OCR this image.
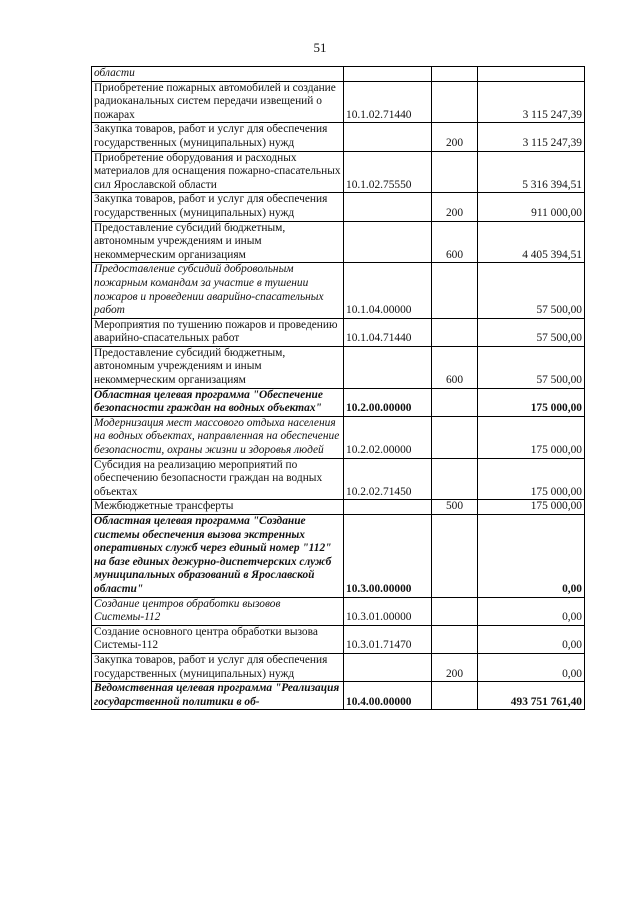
51
области			
Приобретение пожарных автомобилей и создание радиоканальных систем передачи извещений о пожарах	10.1.02.71440		3 115 247,39
Закупка товаров, работ и услуг для обеспечения государственных (муниципальных) нужд		200	3 115 247,39
Приобретение оборудования и расходных материалов для оснащения пожарно-спасательных сил Ярославской области	10.1.02.75550		5 316 394,51
Закупка товаров, работ и услуг для обеспечения государственных (муниципальных) нужд		200	911 000,00
Предоставление субсидий бюджетным, автономным учреждениям и иным некоммерческим организациям		600	4 405 394,51
Предоставление субсидий добровольным пожарным командам за участие в тушении пожаров и проведении аварийно-спасательных работ	10.1.04.00000		57 500,00
Мероприятия по тушению пожаров и проведению аварийно-спасательных работ	10.1.04.71440		57 500,00
Предоставление субсидий бюджетным, автономным учреждениям и иным некоммерческим организациям		600	57 500,00
Областная целевая программа "Обеспечение безопасности граждан на водных объектах"	10.2.00.00000		175 000,00
Модернизация мест массового отдыха населения на водных объектах, направленная на обеспечение безопасности, охраны жизни и здоровья людей	10.2.02.00000		175 000,00
Субсидия на реализацию мероприятий по обеспечению безопасности граждан на водных объектах	10.2.02.71450		175 000,00
Межбюджетные трансферты		500	175 000,00
Областная целевая программа "Создание системы обеспечения вызова экстренных оперативных служб через единый номер "112" на базе единых дежурно-диспетчерских служб муниципальных образований в Ярославской области"	10.3.00.00000		0,00
Создание центров обработки вызовов Системы-112	10.3.01.00000		0,00
Создание основного центра обработки вызова Системы-112	10.3.01.71470		0,00
Закупка товаров, работ и услуг для обеспечения государственных (муниципальных) нужд		200	0,00
Ведомственная целевая программа "Реализация государственной политики в об-	10.4.00.00000		493 751 761,40
